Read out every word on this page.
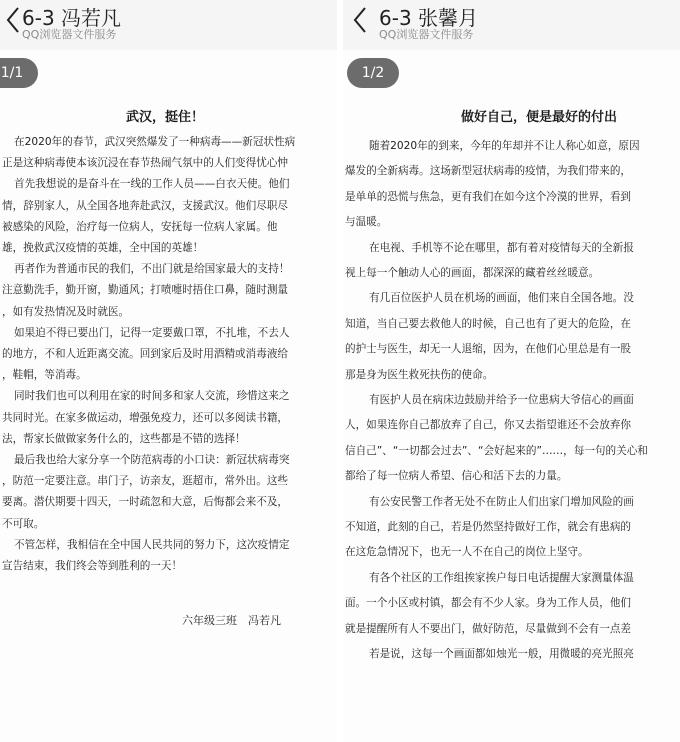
6-3 冯若凡
QQ浏览器文件服务
1/1
武汉，挺住！
在2020年的春节，武汉突然爆发了一种病毒——新冠状性病
正是这种病毒使本该沉浸在春节热闹气氛中的人们变得忧心忡
首先我想说的是奋斗在一线的工作人员——白衣天使。他们
情，辞别家人，从全国各地奔赴武汉，支援武汉。他们尽职尽
被感染的风险，治疗每一位病人，安抚每一位病人家属。他
雄，挽救武汉疫情的英雄，全中国的英雄！
再者作为普通市民的我们，不出门就是给国家最大的支持！
注意勤洗手，勤开窗，勤通风；打喷嚏时捂住口鼻，随时测量
，如有发热情况及时就医。
如果迫不得已要出门，记得一定要戴口罩，不扎堆，不去人
的地方，不和人近距离交流。回到家后及时用酒精或消毒液给
，鞋帽，等消毒。
同时我们也可以利用在家的时间多和家人交流，珍惜这来之
共同时光。在家多做运动，增强免疫力，还可以多阅读书籍，
法，帮家长做做家务什么的，这些都是不错的选择！
最后我也给大家分享一个防范病毒的小口诀：新冠状病毒突
，防范一定要注意。串门子，访亲友，逛超市，常外出。这些
要离。潜伏期要十四天，一时疏忽和大意，后悔都会来不及，
不可取。
不管怎样，我相信在全中国人民共同的努力下，这次疫情定
宣告结束，我们终会等到胜利的一天！
六年级三班　冯若凡
6-3 张馨月
QQ浏览器文件服务
1/2
做好自己，便是最好的付出
随着2020年的到来，今年的年却并不让人称心如意，原因
爆发的全新病毒。这场新型冠状病毒的疫情，为我们带来的，
是单单的恐慌与焦急，更有我们在如今这个冷漠的世界，看到
与温暖。
在电视、手机等不论在哪里，都有着对疫情每天的全新报
视上每一个触动人心的画面，都深深的藏着丝丝暖意。
有几百位医护人员在机场的画面，他们来自全国各地。没
知道，当自己要去救他人的时候，自己也有了更大的危险，在
的护士与医生，却无一人退缩，因为，在他们心里总是有一股
那是身为医生救死扶伤的使命。
有医护人员在病床边鼓励并给予一位患病大爷信心的画面
人，如果连你自己都放弃了自己，你又去指望谁还不会放弃你
信自己”、“一切都会过去”、“会好起来的”……，每一句的关心和
都给了每一位病人希望、信心和活下去的力量。
有公安民警工作者无处不在防止人们出家门增加风险的画
不知道，此刻的自己，若是仍然坚持做好工作，就会有患病的
在这危急情况下，也无一人不在自己的岗位上坚守。
有各个社区的工作组挨家挨户每日电话提醒大家测量体温
面。一个小区或村镇，都会有不少人家。身为工作人员，他们
就是提醒所有人不要出门，做好防范，尽量做到不会有一点差
若是说，这每一个画面都如烛光一般，用微暖的亮光照亮
